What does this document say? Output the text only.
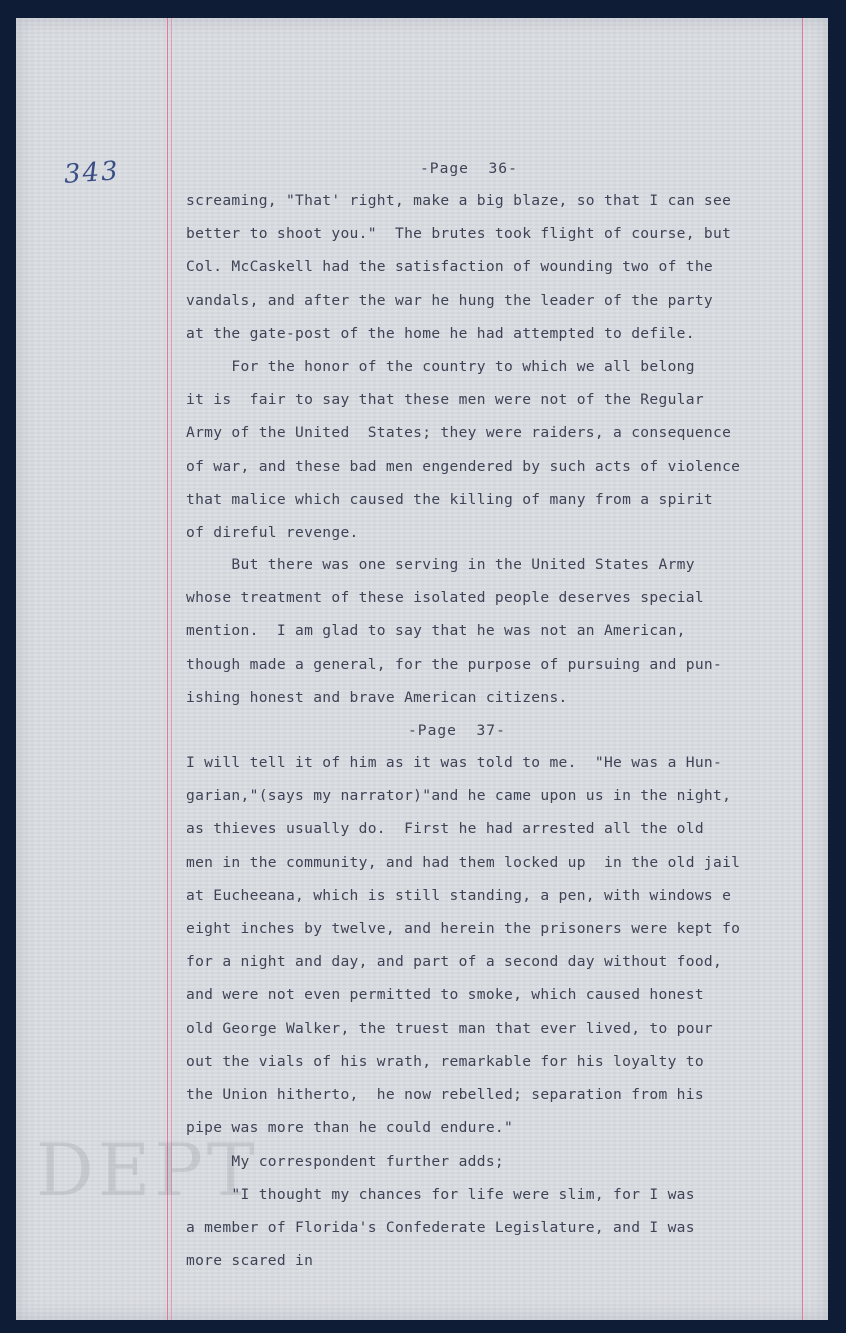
343
DEPT
-Page  36-
screaming, "That' right, make a big blaze, so that I can see
better to shoot you."  The brutes took flight of course, but
Col. McCaskell had the satisfaction of wounding two of the
vandals, and after the war he hung the leader of the party
at the gate-post of the home he had attempted to defile.
For the honor of the country to which we all belong
it is  fair to say that these men were not of the Regular
Army of the United  States; they were raiders, a consequence
of war, and these bad men engendered by such acts of violence
that malice which caused the killing of many from a spirit
of direful revenge.
But there was one serving in the United States Army
whose treatment of these isolated people deserves special
mention.  I am glad to say that he was not an American,
though made a general, for the purpose of pursuing and pun-
ishing honest and brave American citizens.
-Page  37-
I will tell it of him as it was told to me.  "He was a Hun-
garian,"(says my narrator)"and he came upon us in the night,
as thieves usually do.  First he had arrested all the old
men in the community, and had them locked up  in the old jail
at Eucheeana, which is still standing, a pen, with windows e
eight inches by twelve, and herein the prisoners were kept fo
for a night and day, and part of a second day without food,
and were not even permitted to smoke, which caused honest
old George Walker, the truest man that ever lived, to pour
out the vials of his wrath, remarkable for his loyalty to
the Union hitherto,  he now rebelled; separation from his
pipe was more than he could endure."
My correspondent further adds;
"I thought my chances for life were slim, for I was
a member of Florida's Confederate Legislature, and I was
more scared in
